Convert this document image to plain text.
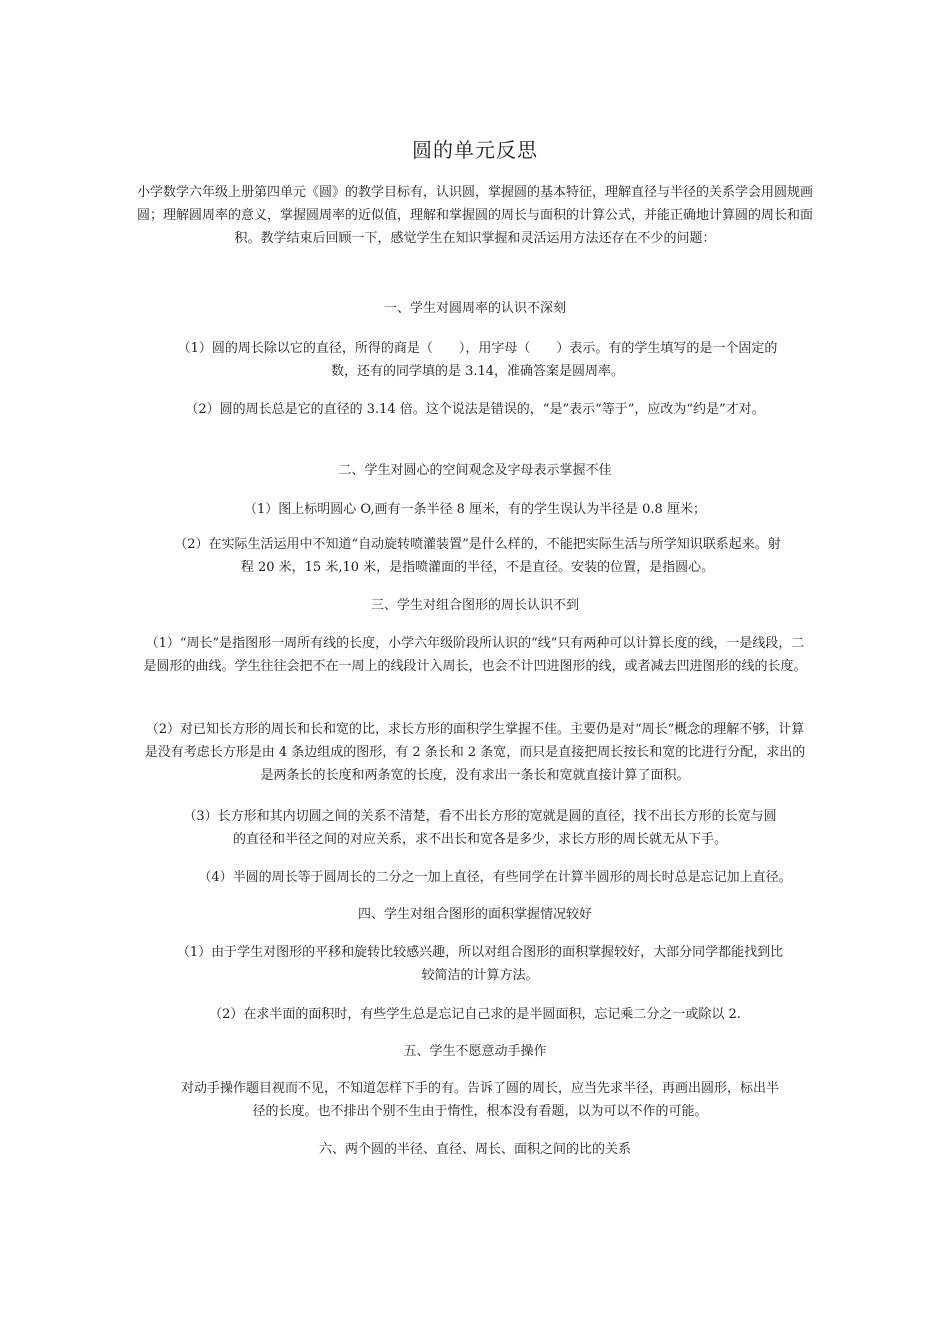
圆的单元反思
小学数学六年级上册第四单元《圆》的教学目标有，认识圆，掌握圆的基本特征，理解直径与半径的关系学会用圆规画圆；理解圆周率的意义，掌握圆周率的近似值，理解和掌握圆的周长与面积的计算公式，并能正确地计算圆的周长和面积。教学结束后回顾一下，感觉学生在知识掌握和灵活运用方法还存在不少的问题：
一、学生对圆周率的认识不深刻
（1）圆的周长除以它的直径，所得的商是（　　），用字母（　　）表示。有的学生填写的是一个固定的数，还有的同学填的是 3.14，准确答案是圆周率。
（2）圆的周长总是它的直径的 3.14 倍。这个说法是错误的，“是”表示“等于”，应改为“约是”才对。
二、学生对圆心的空间观念及字母表示掌握不佳
（1）图上标明圆心 O,画有一条半径 8 厘米，有的学生误认为半径是 0.8 厘米；
（2）在实际生活运用中不知道“自动旋转喷灌装置”是什么样的，不能把实际生活与所学知识联系起来。射程 20 米，15 米,10 米，是指喷灌面的半径，不是直径。安装的位置，是指圆心。
三、学生对组合图形的周长认识不到
（1）“周长”是指图形一周所有线的长度，小学六年级阶段所认识的“线”只有两种可以计算长度的线，一是线段，二是圆形的曲线。学生往往会把不在一周上的线段计入周长，也会不计凹进图形的线，或者减去凹进图形的线的长度。
（2）对已知长方形的周长和长和宽的比，求长方形的面积学生掌握不佳。主要仍是对“周长”概念的理解不够，计算是没有考虑长方形是由 4 条边组成的图形，有 2 条长和 2 条宽，而只是直接把周长按长和宽的比进行分配，求出的是两条长的长度和两条宽的长度，没有求出一条长和宽就直接计算了面积。
（3）长方形和其内切圆之间的关系不清楚，看不出长方形的宽就是圆的直径，找不出长方形的长宽与圆的直径和半径之间的对应关系，求不出长和宽各是多少，求长方形的周长就无从下手。
（4）半圆的周长等于圆周长的二分之一加上直径，有些同学在计算半圆形的周长时总是忘记加上直径。
四、学生对组合图形的面积掌握情况较好
（1）由于学生对图形的平移和旋转比较感兴趣，所以对组合图形的面积掌握较好，大部分同学都能找到比较简洁的计算方法。
（2）在求半面的面积时，有些学生总是忘记自己求的是半圆面积，忘记乘二分之一或除以 2.
五、学生不愿意动手操作
对动手操作题目视而不见，不知道怎样下手的有。告诉了圆的周长，应当先求半径，再画出圆形，标出半径的长度。也不排出个别不生由于惰性，根本没有看题，以为可以不作的可能。
六、两个圆的半径、直径、周长、面积之间的比的关系
